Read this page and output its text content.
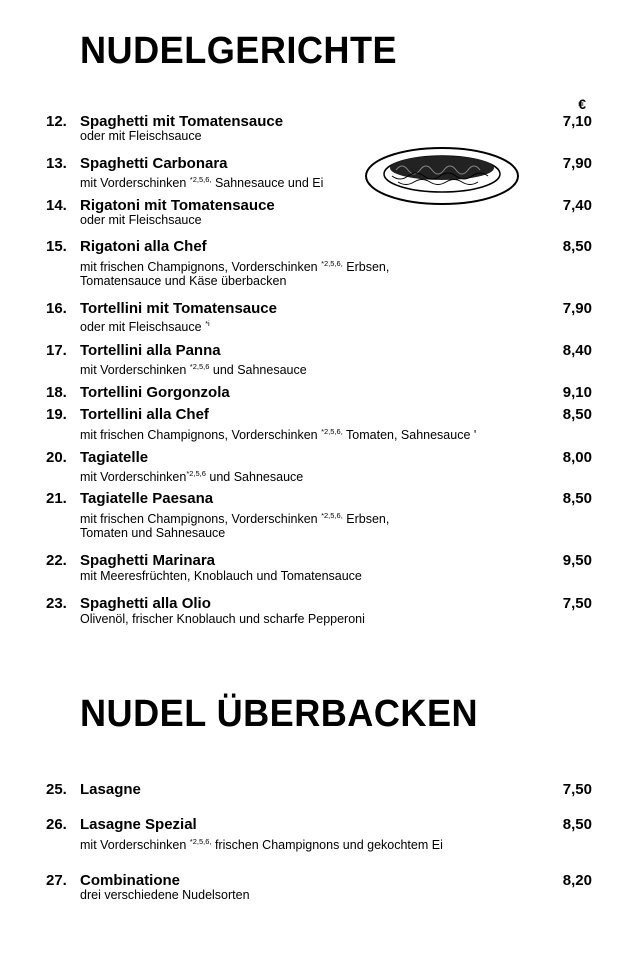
NUDELGERICHTE
€
12. Spaghetti mit Tomatensauce	7,10
oder mit Fleischsauce
13. Spaghetti Carbonara	7,90
mit Vorderschinken $^{*2,5,6,}$ Sahnesauce und Ei
14. Rigatoni mit Tomatensauce	7,40
oder mit Fleischsauce
15. Rigatoni alla Chef	8,50
mit frischen Champignons, Vorderschinken $^{*2,5,6,}$ Erbsen,
Tomatensauce und Käse überbacken
16. Tortellini mit Tomatensauce	7,90
oder mit Fleischsauce $^{*i}$
17. Tortellini alla Panna	8,40
mit Vorderschinken $^{*2,5,6}$ und Sahnesauce
18. Tortellini Gorgonzola	9,10
19. Tortellini alla Chef	8,50
mit frischen Champignons, Vorderschinken $^{*2,5,6,}$ Tomaten, Sahnesauce '
20. Tagiatelle	8,00
mit Vorderschinken$^{*2,5,6}$ und Sahnesauce
21. Tagiatelle Paesana	8,50
mit frischen Champignons, Vorderschinken $^{*2,5,6,}$ Erbsen,
Tomaten und Sahnesauce
22. Spaghetti Marinara	9,50
mit Meeresfrüchten, Knoblauch und Tomatensauce
23. Spaghetti alla Olio	7,50
Olivenöl, frischer Knoblauch und scharfe Pepperoni
NUDEL ÜBERBACKEN
25. Lasagne	7,50
26. Lasagne Spezial	8,50
mit Vorderschinken $^{*2,5,6,}$ frischen Champignons und gekochtem Ei
27. Combinatione	8,20
drei verschiedene Nudelsorten
